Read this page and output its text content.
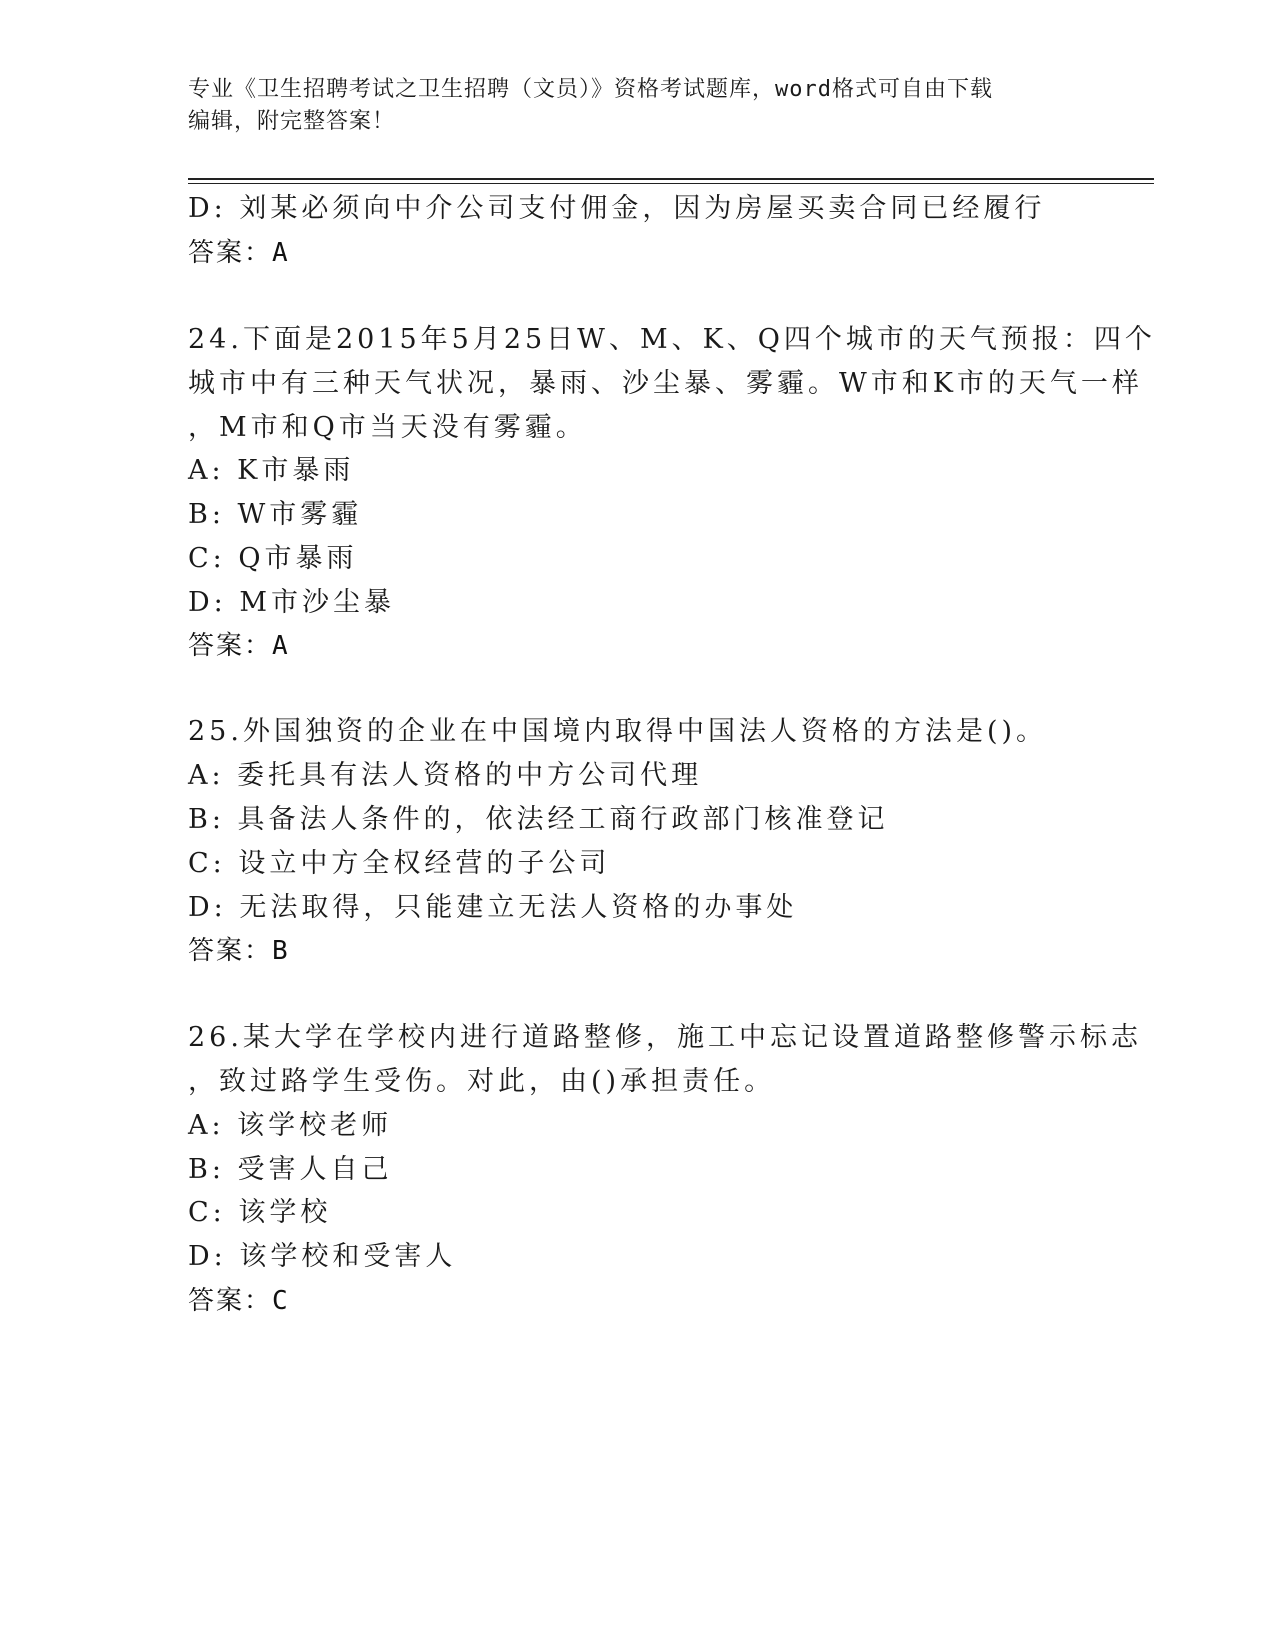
专业《卫生招聘考试之卫生招聘（文员）》资格考试题库，word格式可自由下载
编辑，附完整答案！
D: 刘某必须向中介公司支付佣金，因为房屋买卖合同已经履行
答案：A
24.下面是2015年5月25日W、M、K、Q四个城市的天气预报：四个
城市中有三种天气状况，暴雨、沙尘暴、雾霾。W市和K市的天气一样
，M市和Q市当天没有雾霾。
A: K市暴雨
B: W市雾霾
C: Q市暴雨
D: M市沙尘暴
答案：A
25.外国独资的企业在中国境内取得中国法人资格的方法是()。
A: 委托具有法人资格的中方公司代理
B: 具备法人条件的，依法经工商行政部门核准登记
C: 设立中方全权经营的子公司
D: 无法取得，只能建立无法人资格的办事处
答案：B
26.某大学在学校内进行道路整修，施工中忘记设置道路整修警示标志
，致过路学生受伤。对此，由()承担责任。
A: 该学校老师
B: 受害人自己
C: 该学校
D: 该学校和受害人
答案：C
